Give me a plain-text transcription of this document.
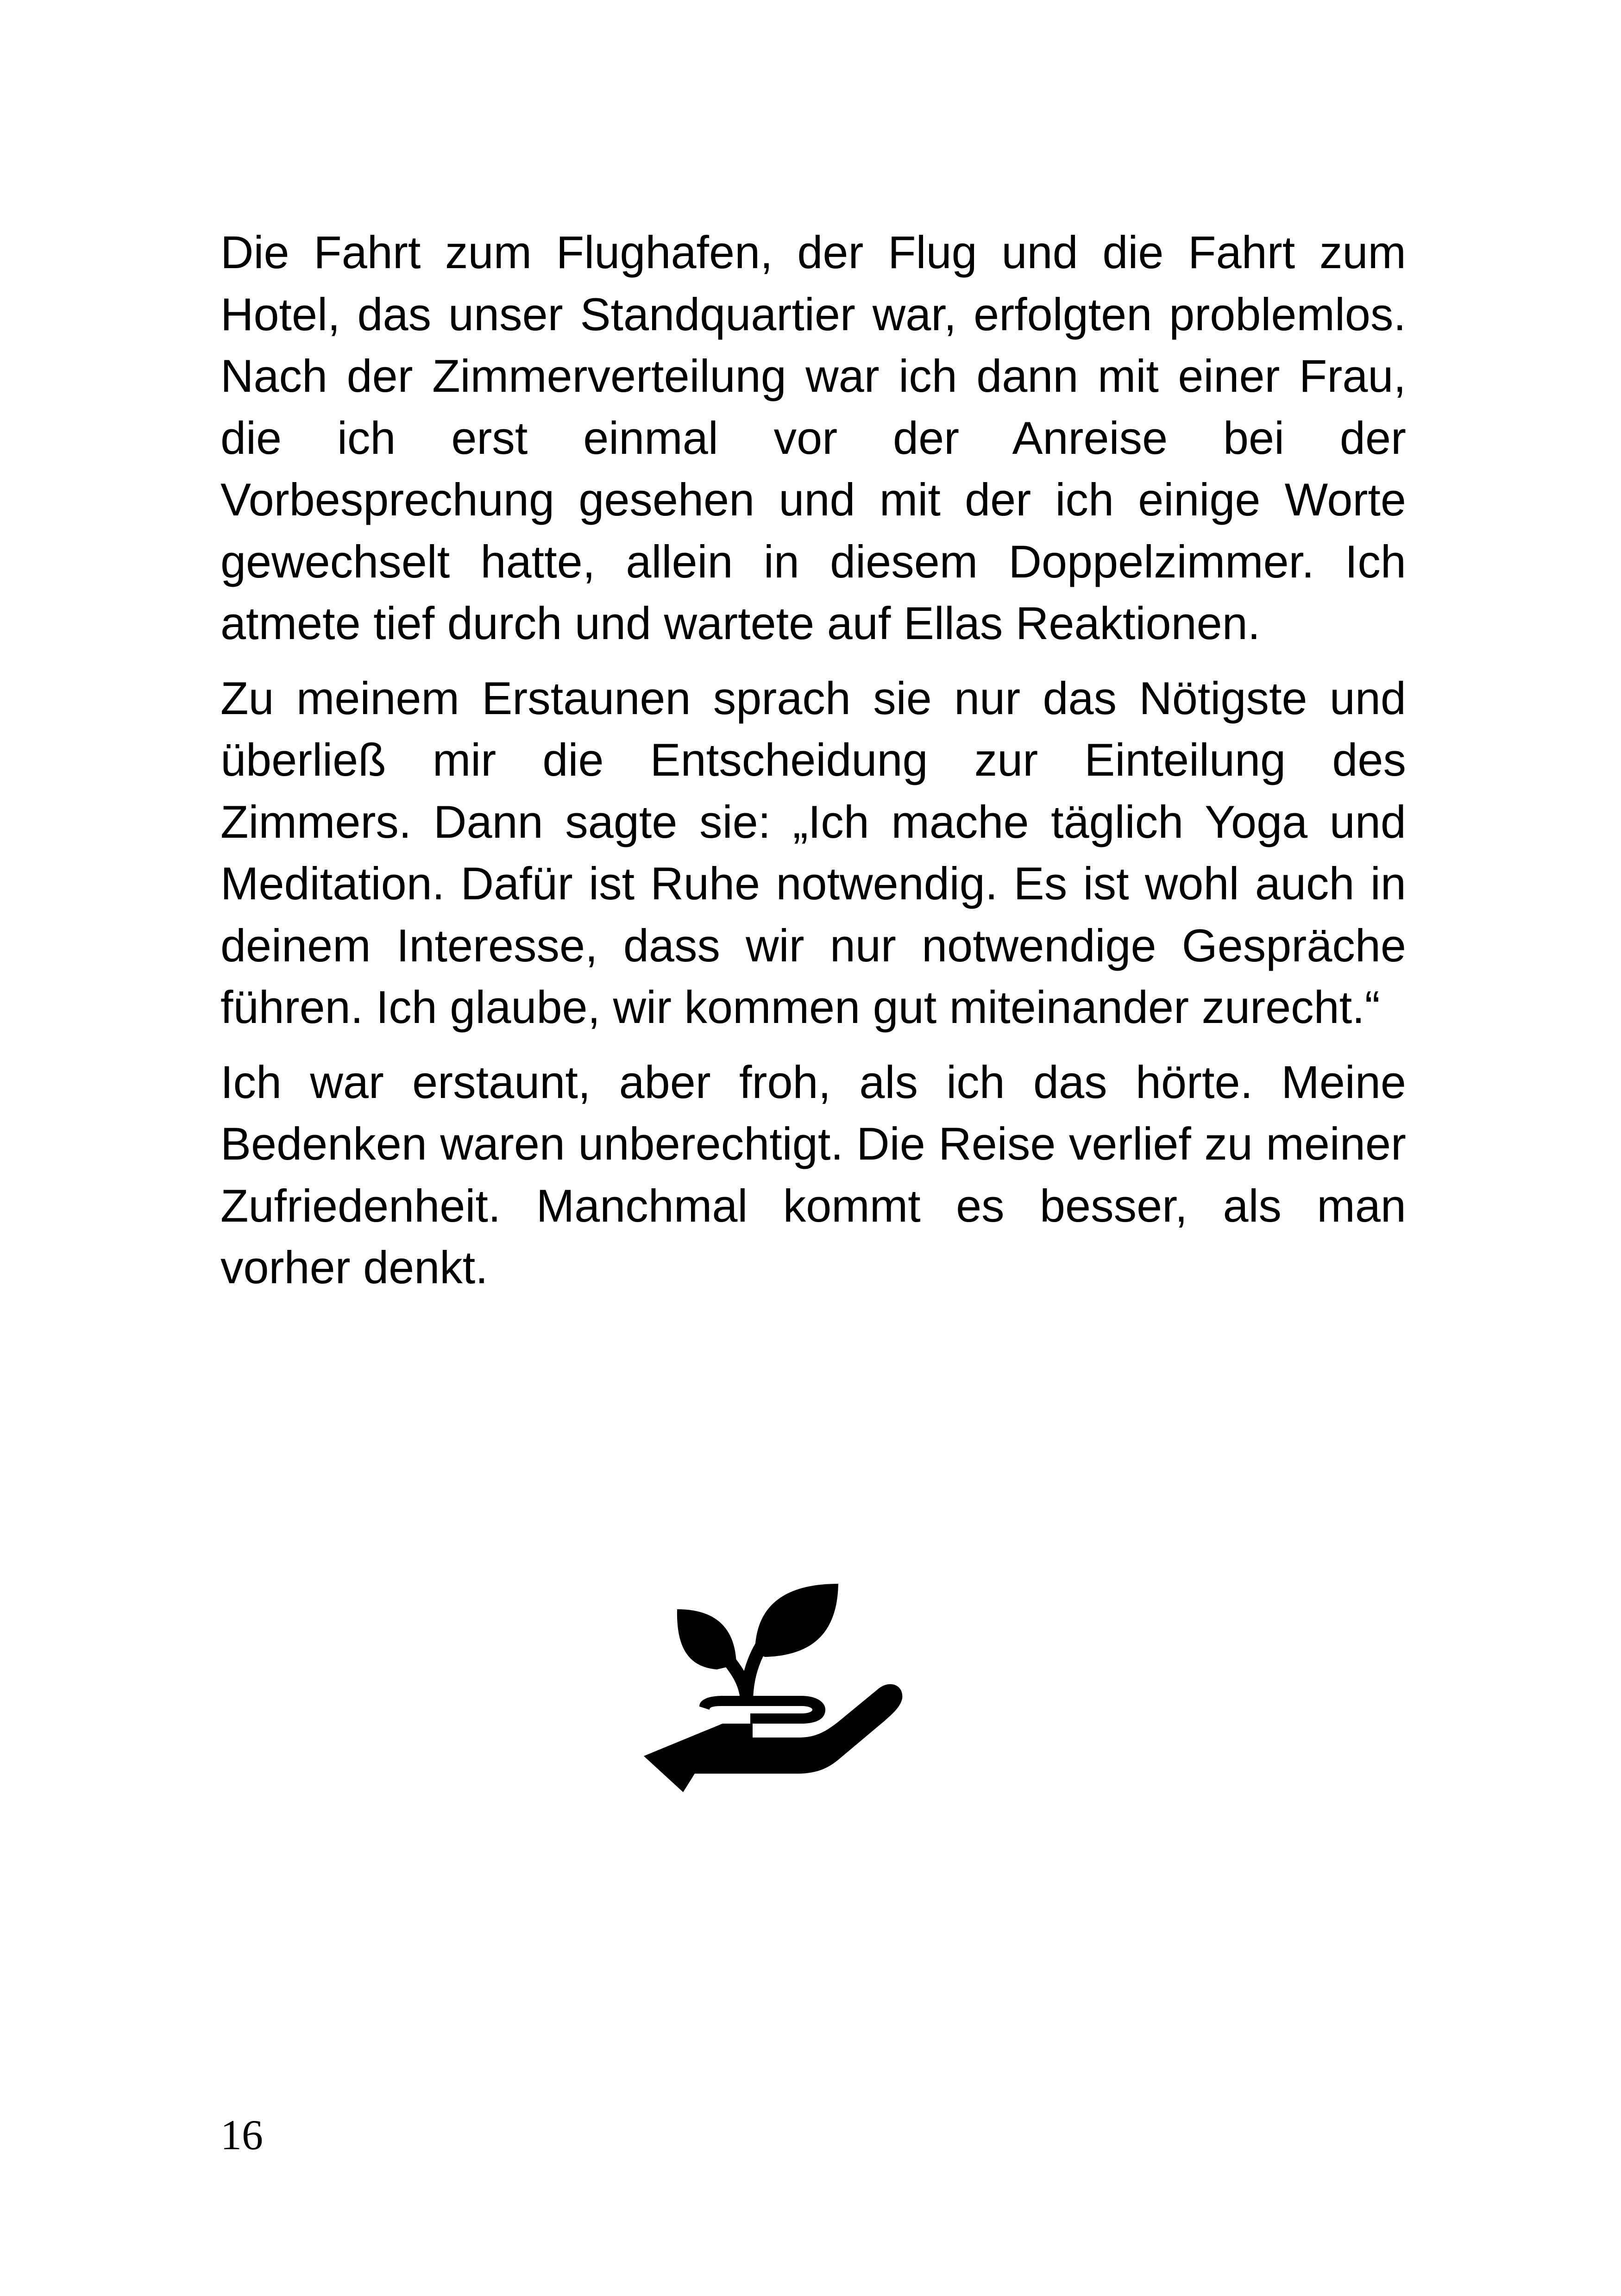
Die Fahrt zum Flughafen, der Flug und die Fahrt zum Hotel, das unser Standquartier war, erfolgten problemlos. Nach der Zimmerverteilung war ich dann mit einer Frau, die ich erst einmal vor der Anreise bei der Vorbesprechung gesehen und mit der ich einige Worte gewechselt hatte, allein in diesem Doppelzimmer. Ich atmete tief durch und wartete auf Ellas Reaktionen.

Zu meinem Erstaunen sprach sie nur das Nötigste und überließ mir die Entscheidung zur Einteilung des Zimmers. Dann sagte sie: „Ich mache täglich Yoga und Meditation. Dafür ist Ruhe notwendig. Es ist wohl auch in deinem Interesse, dass wir nur notwendige Gespräche führen. Ich glaube, wir kommen gut miteinander zurecht.“

Ich war erstaunt, aber froh, als ich das hörte. Meine Bedenken waren unberechtigt. Die Reise verlief zu meiner Zufriedenheit. Manchmal kommt es besser, als man vorher denkt.

16
